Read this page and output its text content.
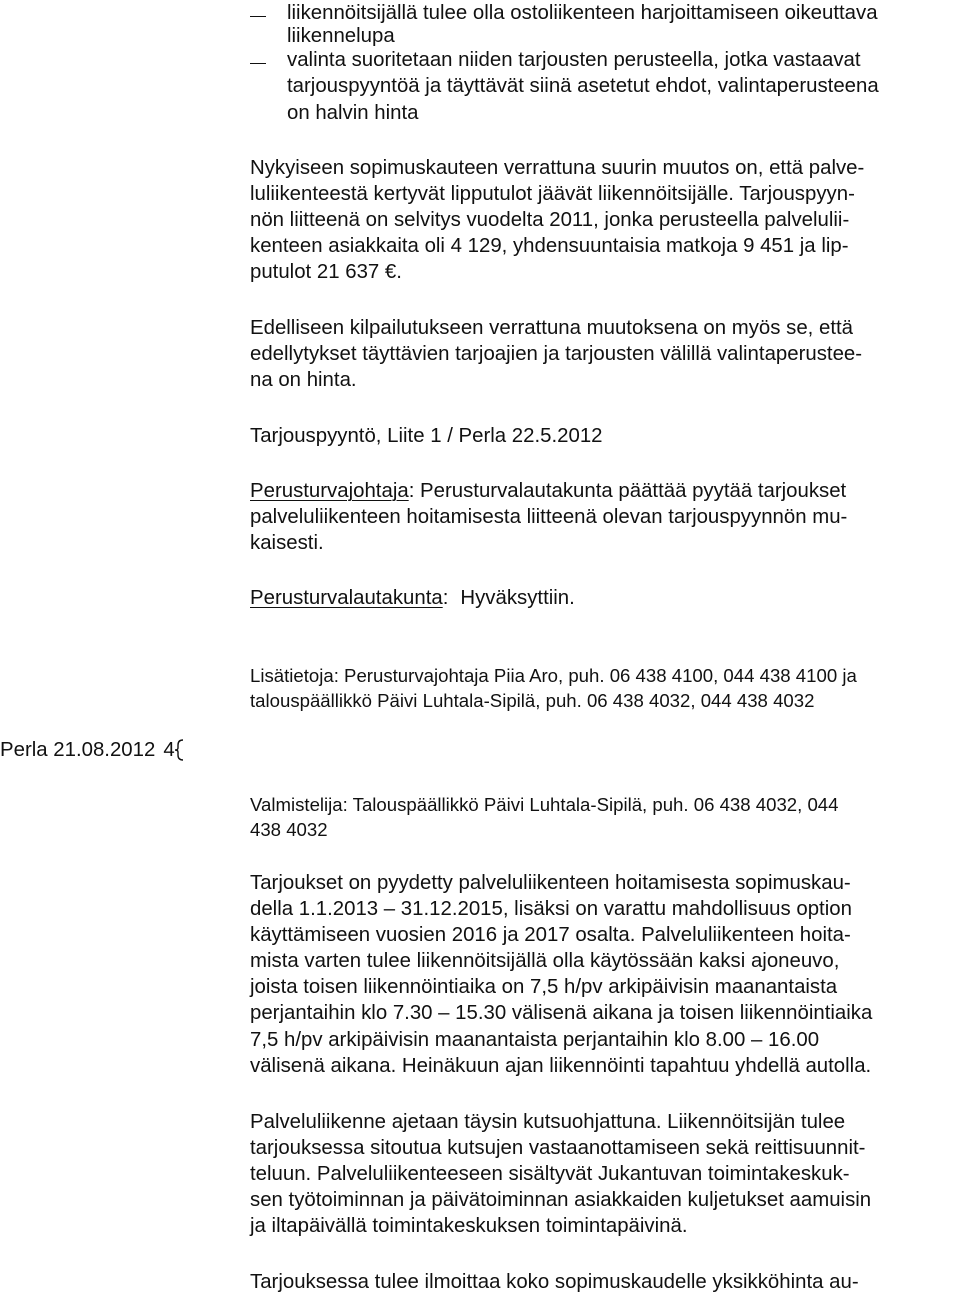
liikennöitsijällä tulee olla ostoliikenteen harjoittamiseen oikeuttava
liikennelupa
valinta suoritetaan niiden tarjousten perusteella, jotka vastaavat
tarjouspyyntöä ja täyttävät siinä asetetut ehdot, valintaperusteena
on halvin hinta
Nykyiseen sopimuskauteen verrattuna suurin muutos on, että palve-
luliikenteestä kertyvät lipputulot jäävät liikennöitsijälle. Tarjouspyyn-
nön liitteenä on selvitys vuodelta 2011, jonka perusteella palvelulii-
kenteen asiakkaita oli 4 129, yhdensuuntaisia matkoja 9 451 ja lip-
putulot 21 637 €.
Edelliseen kilpailutukseen verrattuna muutoksena on myös se, että
edellytykset täyttävien tarjoajien ja tarjousten välillä valintaperustee-
na on hinta.
Tarjouspyyntö, Liite 1 / Perla 22.5.2012
Perusturvajohtaja: Perusturvalautakunta päättää pyytää tarjoukset
palveluliikenteen hoitamisesta liitteenä olevan tarjouspyynnön mu-
kaisesti.
Perusturvalautakunta: Hyväksyttiin.
Lisätietoja: Perusturvajohtaja Piia Aro, puh. 06 438 4100, 044 438 4100 ja
talouspäällikkö Päivi Luhtala-Sipilä, puh. 06 438 4032, 044 438 4032
Perla 21.08.2012 4
Valmistelija: Talouspäällikkö Päivi Luhtala-Sipilä, puh. 06 438 4032, 044
438 4032
Tarjoukset on pyydetty palveluliikenteen hoitamisesta sopimuskau-
della 1.1.2013 – 31.12.2015, lisäksi on varattu mahdollisuus option
käyttämiseen vuosien 2016 ja 2017 osalta. Palveluliikenteen hoita-
mista varten tulee liikennöitsijällä olla käytössään kaksi ajoneuvo,
joista toisen liikennöintiaika on 7,5 h/pv arkipäivisin maanantaista
perjantaihin klo 7.30 – 15.30 välisenä aikana ja toisen liikennöintiaika
7,5 h/pv arkipäivisin maanantaista perjantaihin klo 8.00 – 16.00
välisenä aikana. Heinäkuun ajan liikennöinti tapahtuu yhdellä autolla.
Palveluliikenne ajetaan täysin kutsuohjattuna. Liikennöitsijän tulee
tarjouksessa sitoutua kutsujen vastaanottamiseen sekä reittisuunnit-
teluun. Palveluliikenteeseen sisältyvät Jukantuvan toimintakeskuk-
sen työtoiminnan ja päivätoiminnan asiakkaiden kuljetukset aamuisin
ja iltapäivällä toimintakeskuksen toimintapäivinä.
Tarjouksessa tulee ilmoittaa koko sopimuskaudelle yksikköhinta au-
